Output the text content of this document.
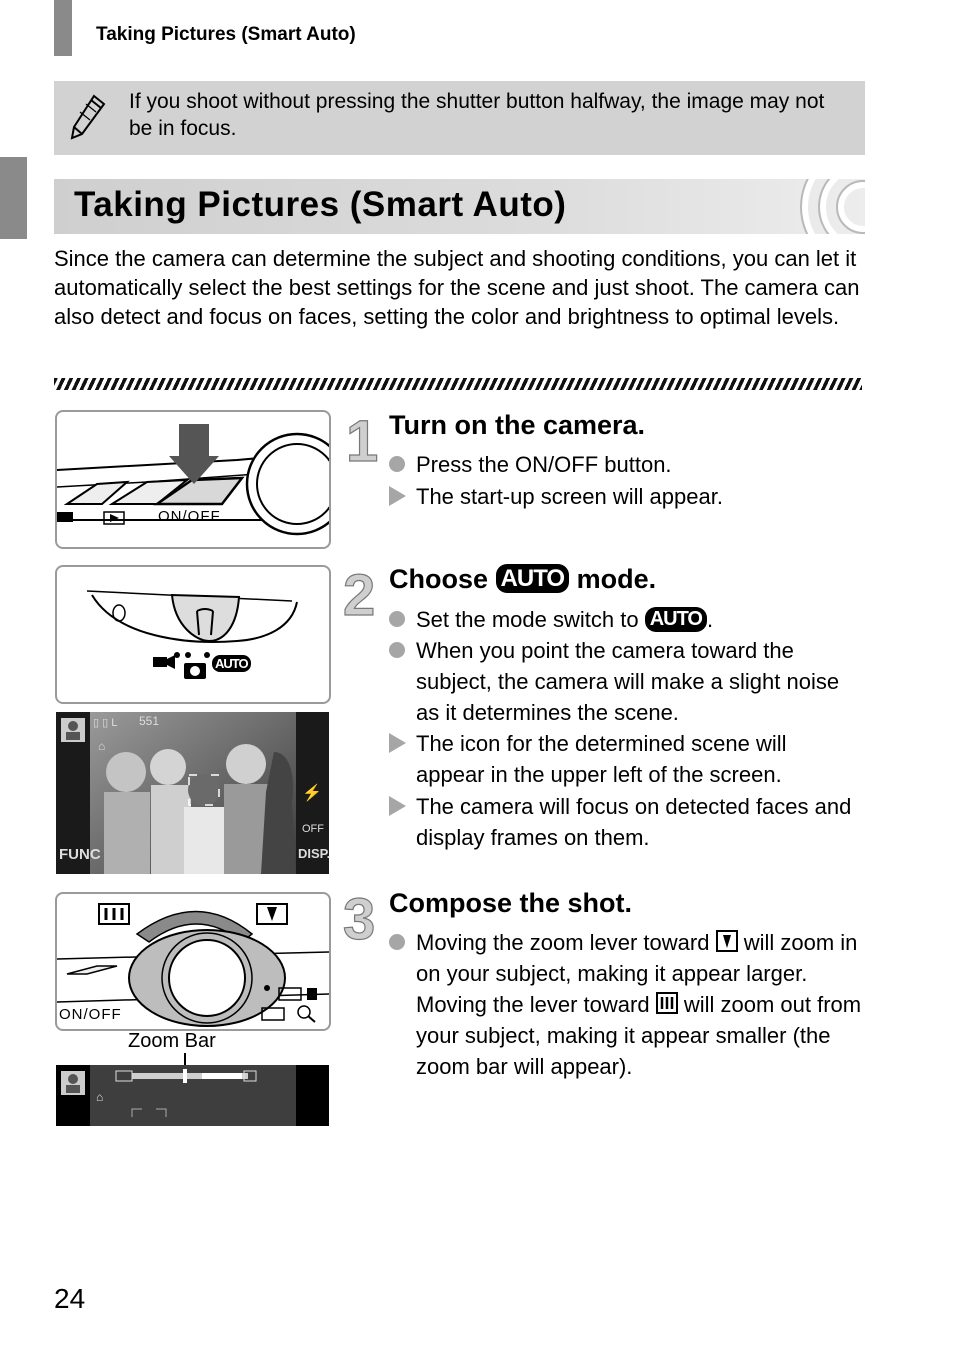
Taking Pictures (Smart Auto)
If you shoot without pressing the shutter button halfway, the image may not be in focus.
Taking Pictures (Smart Auto)
Since the camera can determine the subject and shooting conditions, you can let it automatically select the best settings for the scene and just shoot. The camera can also detect and focus on faces, setting the color and brightness to optimal levels.
ON/OFF
1 Turn on the camera.
Press the ON/OFF button.
The start-up screen will appear.
AUTO
▯ ▯ L
⌂
⚡
OFF
551
FUNC	DISP.
2 Choose AUTO mode.
Set the mode switch to AUTO .
When you point the camera toward the subject, the camera will make a slight noise as it determines the scene.
The icon for the determined scene will appear in the upper left of the screen.
The camera will focus on detected faces and display frames on them.
ON/OFF
Zoom Bar
⌂
3 Compose the shot.
Moving the zoom lever toward will zoom in on your subject, making it appear larger. Moving the lever toward will zoom out from your subject, making it appear smaller (the zoom bar will appear).
24
